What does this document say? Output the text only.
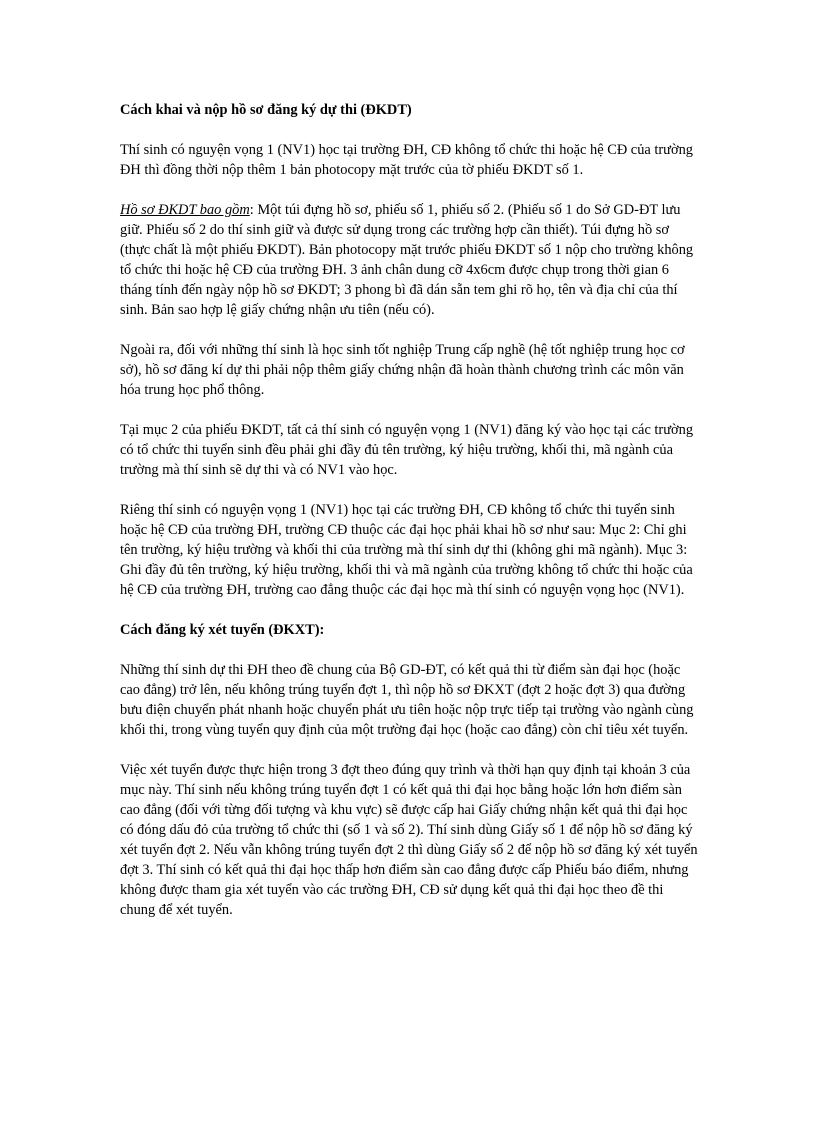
Cách khai và nộp hồ sơ đăng ký dự thi (ĐKDT)

Thí sinh có nguyện vọng 1 (NV1) học tại trường ĐH, CĐ không tổ chức thi hoặc hệ CĐ của trường ĐH thì đồng thời nộp thêm 1 bản photocopy mặt trước của tờ phiếu ĐKDT số 1.

Hồ sơ ĐKDT bao gồm: Một túi đựng hồ sơ, phiếu số 1, phiếu số 2. (Phiếu số 1 do Sở GD-ĐT lưu giữ. Phiếu số 2 do thí sinh giữ và được sử dụng trong các trường hợp cần thiết). Túi đựng hồ sơ (thực chất là một phiếu ĐKDT). Bản photocopy mặt trước phiếu ĐKDT số 1 nộp cho trường không tổ chức thi hoặc hệ CĐ của trường ĐH. 3 ảnh chân dung cỡ 4x6cm được chụp trong thời gian 6 tháng tính đến ngày nộp hồ sơ ĐKDT; 3 phong bì đã dán sẵn tem ghi rõ họ, tên và địa chỉ của thí sinh. Bản sao hợp lệ giấy chứng nhận ưu tiên (nếu có).

Ngoài ra, đối với những thí sinh là học sinh tốt nghiệp Trung cấp nghề (hệ tốt nghiệp trung học cơ sở), hồ sơ đăng kí dự thi phải nộp thêm giấy chứng nhận đã hoàn thành chương trình các môn văn hóa trung học phổ thông.

Tại mục 2 của phiếu ĐKDT, tất cả thí sinh có nguyện vọng 1 (NV1) đăng ký vào học tại các trường có tổ chức thi tuyển sinh đều phải ghi đầy đủ tên trường, ký hiệu trường, khối thi, mã ngành của trường mà thí sinh sẽ dự thi và có NV1 vào học.

Riêng thí sinh có nguyện vọng 1 (NV1) học tại các trường ĐH, CĐ không tổ chức thi tuyển sinh hoặc hệ CĐ của trường ĐH, trường CĐ thuộc các đại học phải khai hồ sơ như sau: Mục 2: Chỉ ghi tên trường, ký hiệu trường và khối thi của trường mà thí sinh dự thi (không ghi mã ngành). Mục 3: Ghi đầy đủ tên trường, ký hiệu trường, khối thi và mã ngành của trường không tổ chức thi hoặc của hệ CĐ của trường ĐH, trường cao đẳng thuộc các đại học mà thí sinh có nguyện vọng học (NV1).

Cách đăng ký xét tuyển (ĐKXT):

Những thí sinh dự thi ĐH theo đề chung của Bộ GD-ĐT, có kết quả thi từ điểm sàn đại học (hoặc cao đẳng) trở lên, nếu không trúng tuyển đợt 1, thì nộp hồ sơ ĐKXT (đợt 2 hoặc đợt 3) qua đường bưu điện chuyển phát nhanh hoặc chuyển phát ưu tiên hoặc nộp trực tiếp tại trường vào ngành cùng khối thi, trong vùng tuyển quy định của một trường đại học (hoặc cao đẳng) còn chỉ tiêu xét tuyển.

Việc xét tuyển được thực hiện trong 3 đợt theo đúng quy trình và thời hạn quy định tại khoản 3 của mục này. Thí sinh nếu không trúng tuyển đợt 1 có kết quả thi đại học bằng hoặc lớn hơn điểm sàn cao đẳng (đối với từng đối tượng và khu vực) sẽ được cấp hai Giấy chứng nhận kết quả thi đại học có đóng dấu đỏ của trường tổ chức thi (số 1 và số 2). Thí sinh dùng Giấy số 1 để nộp hồ sơ đăng ký xét tuyển đợt 2. Nếu vẫn không trúng tuyển đợt 2 thì dùng Giấy số 2 để nộp hồ sơ đăng ký xét tuyển đợt 3. Thí sinh có kết quả thi đại học thấp hơn điểm sàn cao đẳng được cấp Phiếu báo điểm, nhưng không được tham gia xét tuyển vào các trường ĐH, CĐ sử dụng kết quả thi đại học theo đề thi chung để xét tuyển.
